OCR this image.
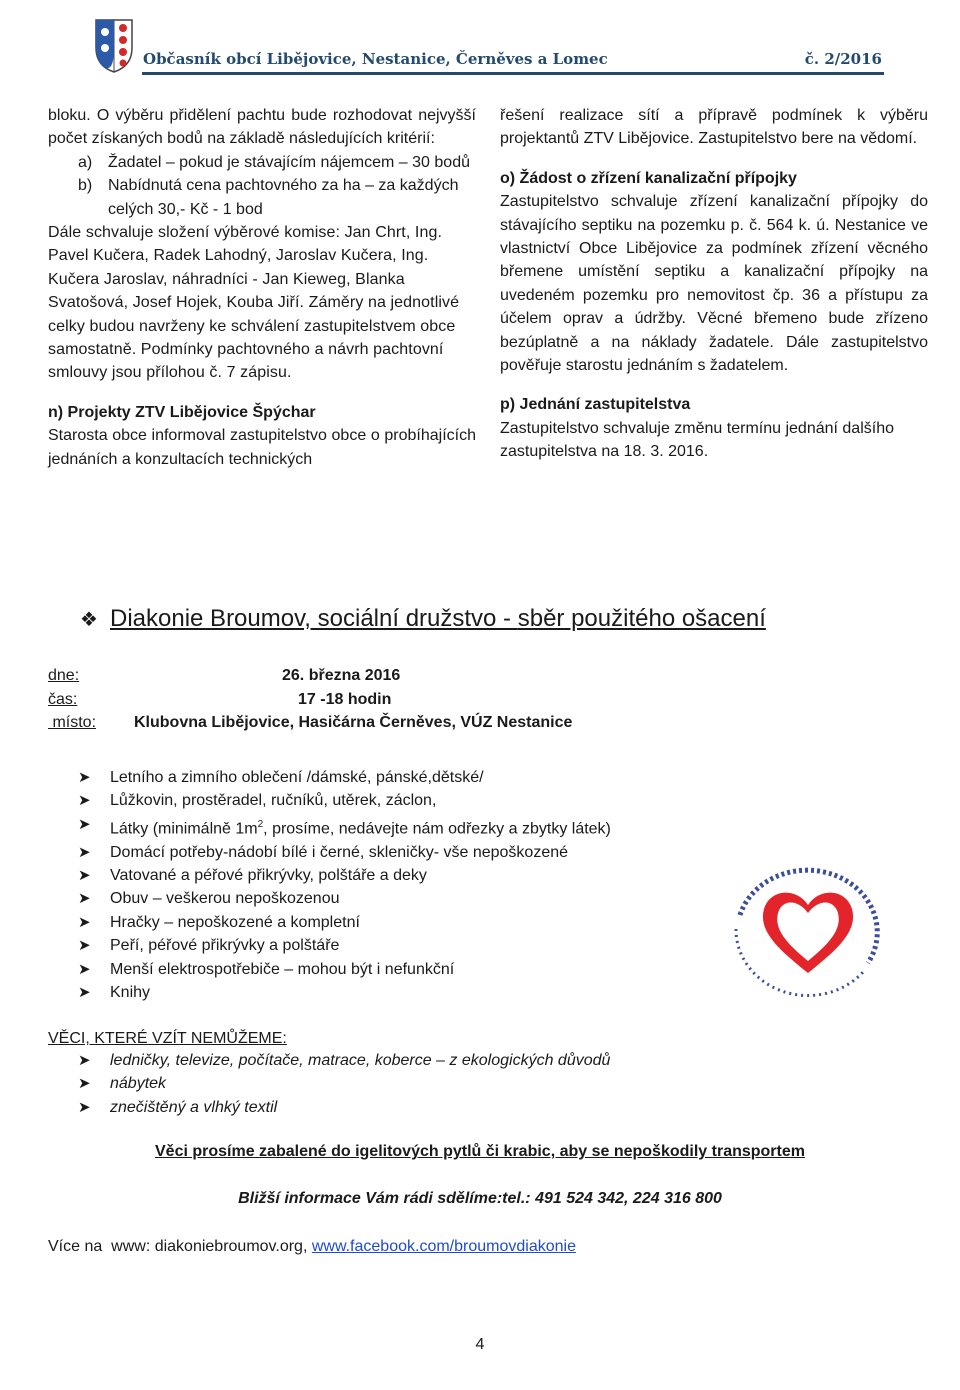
Občasník obcí Libějovice, Nestanice, Černěves a Lomec	č. 2/2016

bloku. O výběru přidělení pachtu bude rozhodovat nejvyšší počet získaných bodů na základě následujících kritérií:

a) Žadatel – pokud je stávajícím nájemcem – 30 bodů
b) Nabídnutá cena pachtovného za ha – za každých celých 30,- Kč - 1 bod

Dále schvaluje složení výběrové komise: Jan Chrt, Ing. Pavel Kučera, Radek Lahodný, Jaroslav Kučera, Ing. Kučera Jaroslav, náhradníci - Jan Kieweg, Blanka Svatošová, Josef Hojek, Kouba Jiří. Záměry na jednotlivé celky budou navrženy ke schválení zastupitelstvem obce samostatně. Podmínky pachtovného a návrh pachtovní smlouvy jsou přílohou č. 7 zápisu.

n) Projekty ZTV Libějovice Špýchar

Starosta obce informoval zastupitelstvo obce o probíhajících jednáních a konzultacích technických

řešení realizace sítí a přípravě podmínek k výběru projektantů ZTV Libějovice. Zastupitelstvo bere na vědomí.

o) Žádost o zřízení kanalizační přípojky

Zastupitelstvo schvaluje zřízení kanalizační přípojky do stávajícího septiku na pozemku p. č. 564 k. ú. Nestanice ve vlastnictví Obce Libějovice za podmínek zřízení věcného břemene umístění septiku a kanalizační přípojky na uvedeném pozemku pro nemovitost čp. 36 a přístupu za účelem oprav a údržby. Věcné břemeno bude zřízeno bezúplatně a na náklady žadatele. Dále zastupitelstvo pověřuje starostu jednáním s žadatelem.

p) Jednání zastupitelstva

Zastupitelstvo schvaluje změnu termínu jednání dalšího zastupitelstva na 18. 3. 2016.

❖ Diakonie Broumov, sociální družstvo - sběr použitého ošacení
dne:	26. března 2016
čas:	17 -18 hodin
místo: Klubovna Libějovice, Hasičárna Černěves, VÚZ Nestanice
➤ Letního a zimního oblečení /dámské, pánské,dětské/
➤ Lůžkovin, prostěradel, ručníků, utěrek, záclon,
➤ Látky (minimálně $1m^2$, prosíme, nedávejte nám odřezky a zbytky látek)
➤ Domácí potřeby-nádobí bílé i černé, skleničky- vše nepoškozené
➤ Vatované a péřové přikrývky, polštáře a deky
➤ Obuv – veškerou nepoškozenou
➤ Hračky – nepoškozené a kompletní
➤ Peří, péřové přikrývky a polštáře
➤ Menší elektrospotřebiče – mohou být i nefunkční
➤ Knihy
VĚCI, KTERÉ VZÍT NEMŮŽEME:
➤ ledničky, televize, počítače, matrace, koberce – z ekologických důvodů
➤ nábytek
➤ znečištěný a vlhký textil
Věci prosíme zabalené do igelitových pytlů či krabic, aby se nepoškodily transportem
Bližší informace Vám rádi sdělíme:tel.: 491 524 342, 224 316 800
Více na  www: diakoniebroumov.org, www.facebook.com/broumovdiakonie
4
